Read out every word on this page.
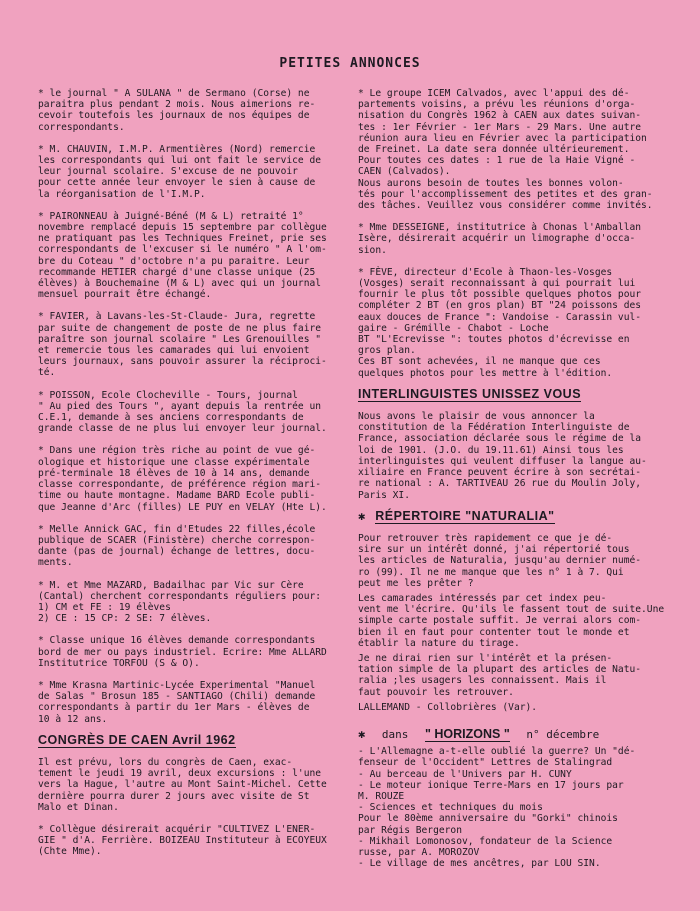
PETITES ANNONCES

* le journal " A SULANA " de Sermano (Corse) ne
paraitra plus pendant 2 mois. Nous aimerions re-
cevoir toutefois les journaux de nos équipes de
correspondants.

* M. CHAUVIN, I.M.P. Armentières (Nord) remercie
les correspondants qui lui ont fait le service de
leur journal scolaire. S'excuse de ne pouvoir
pour cette année leur envoyer le sien à cause de
la réorganisation de l'I.M.P.

* PAIRONNEAU à Juigné-Béné (M & L) retraité 1°
novembre remplacé depuis 15 septembre par collègue
ne pratiquant pas les Techniques Freinet, prie ses
correspondants de l'excuser si le numéro " A l'om-
bre du Coteau " d'octobre n'a pu paraitre. Leur
recommande HETIER chargé d'une classe unique (25
élèves) à Bouchemaine (M & L) avec qui un journal
mensuel pourrait être échangé.

* FAVIER, à Lavans-les-St-Claude- Jura, regrette
par suite de changement de poste de ne plus faire
paraître son journal scolaire " Les Grenouilles "
et remercie tous les camarades qui lui envoient
leurs journaux, sans pouvoir assurer la réciproci-
té.

* POISSON, Ecole Clocheville - Tours, journal
" Au pied des Tours ", ayant depuis la rentrée un
C.E.1, demande à ses anciens correspondants de
grande classe de ne plus lui envoyer leur journal.

* Dans une région très riche au point de vue gé-
ologique et historique une classe expérimentale
pré-terminale 18 élèves de 10 à 14 ans, demande
classe correspondante, de préférence région mari-
time ou haute montagne. Madame BARD Ecole publi-
que Jeanne d'Arc (filles) LE PUY en VELAY (Hte L).

* Melle Annick GAC, fin d'Etudes 22 filles,école
publique de SCAER (Finistère) cherche correspon-
dante (pas de journal) échange de lettres, docu-
ments.

* M. et Mme MAZARD, Badailhac par Vic sur Cère
(Cantal) cherchent correspondants réguliers pour:
1) CM et FE : 19 élèves
2) CE : 15 CP: 2 SE: 7 élèves.

* Classe unique 16 élèves demande correspondants
bord de mer ou pays industriel. Ecrire: Mme ALLARD
Institutrice TORFOU (S & O).

* Mme Krasna Martinic-Lycée Experimental "Manuel
de Salas " Brosun 185 - SANTIAGO (Chili) demande
correspondants à partir du 1er Mars - élèves de
10 à 12 ans.

CONGRÈS DE CAEN Avril 1962

Il est prévu, lors du congrès de Caen, exac-
tement le jeudi 19 avril, deux excursions : l'une
vers la Hague, l'autre au Mont Saint-Michel. Cette
dernière pourra durer 2 jours avec visite de St
Malo et Dinan.

* Collègue désirerait acquérir "CULTIVEZ L'ENER-
GIE " d'A. Ferrière. BOIZEAU Instituteur à ECOYEUX
(Chte Mme).

* Le groupe ICEM Calvados, avec l'appui des dé-
partements voisins, a prévu les réunions d'orga-
nisation du Congrès 1962 à CAEN aux dates suivan-
tes : 1er Février - 1er Mars - 29 Mars. Une autre
réunion aura lieu en Février avec la participation
de Freinet. La date sera donnée ultérieurement.
Pour toutes ces dates : 1 rue de la Haie Vigné -
CAEN (Calvados).
Nous aurons besoin de toutes les bonnes volon-
tés pour l'accomplissement des petites et des gran-
des tâches. Veuillez vous considérer comme invités.

* Mme DESSEIGNE, institutrice à Chonas l'Amballan
Isère, désirerait acquérir un limographe d'occa-
sion.

* FÈVE, directeur d'Ecole à Thaon-les-Vosges
(Vosges) serait reconnaissant à qui pourrait lui
fournir le plus tôt possible quelques photos pour
compléter 2 BT (en gros plan) BT "24 poissons des
eaux douces de France ": Vandoise - Carassin vul-
gaire - Grémille - Chabot - Loche
BT "L'Ecrevisse ": toutes photos d'écrevisse en
gros plan.
Ces BT sont achevées, il ne manque que ces
quelques photos pour les mettre à l'édition.

INTERLINGUISTES UNISSEZ VOUS

Nous avons le plaisir de vous annoncer la
constitution de la Fédération Interlinguiste de
France, association déclarée sous le régime de la
loi de 1901. (J.O. du 19.11.61) Ainsi tous les
interlinguistes qui veulent diffuser la langue au-
xiliaire en France peuvent écrire à son secrétai-
re national : A. TARTIVEAU 26 rue du Moulin Joly,
Paris XI.

✱ RÉPERTOIRE "NATURALIA"

Pour retrouver très rapidement ce que je dé-
sire sur un intérêt donné, j'ai répertorié tous
les articles de Naturalia, jusqu'au dernier numé-
ro (99). Il ne me manque que les n° 1 à 7. Qui
peut me les prêter ?

Les camarades intéressés par cet index peu-
vent me l'écrire. Qu'ils le fassent tout de suite.Une
simple carte postale suffit. Je verrai alors com-
bien il en faut pour contenter tout le monde et
établir la nature du tirage.

Je ne dirai rien sur l'intérêt et la présen-
tation simple de la plupart des articles de Natu-
ralia ;les usagers les connaissent. Mais il
faut pouvoir les retrouver.

LALLEMAND - Collobrières (Var).

✱ dans " HORIZONS " n° décembre
- L'Allemagne a-t-elle oublié la guerre? Un "dé-
fenseur de l'Occident" Lettres de Stalingrad
- Au berceau de l'Univers par H. CUNY
- Le moteur ionique Terre-Mars en 17 jours par
M. ROUZE
- Sciences et techniques du mois
Pour le 80ème anniversaire du "Gorki" chinois
par Régis Bergeron
- Mikhail Lomonosov, fondateur de la Science
russe, par A. MOROZOV
- Le village de mes ancêtres, par LOU SIN.
